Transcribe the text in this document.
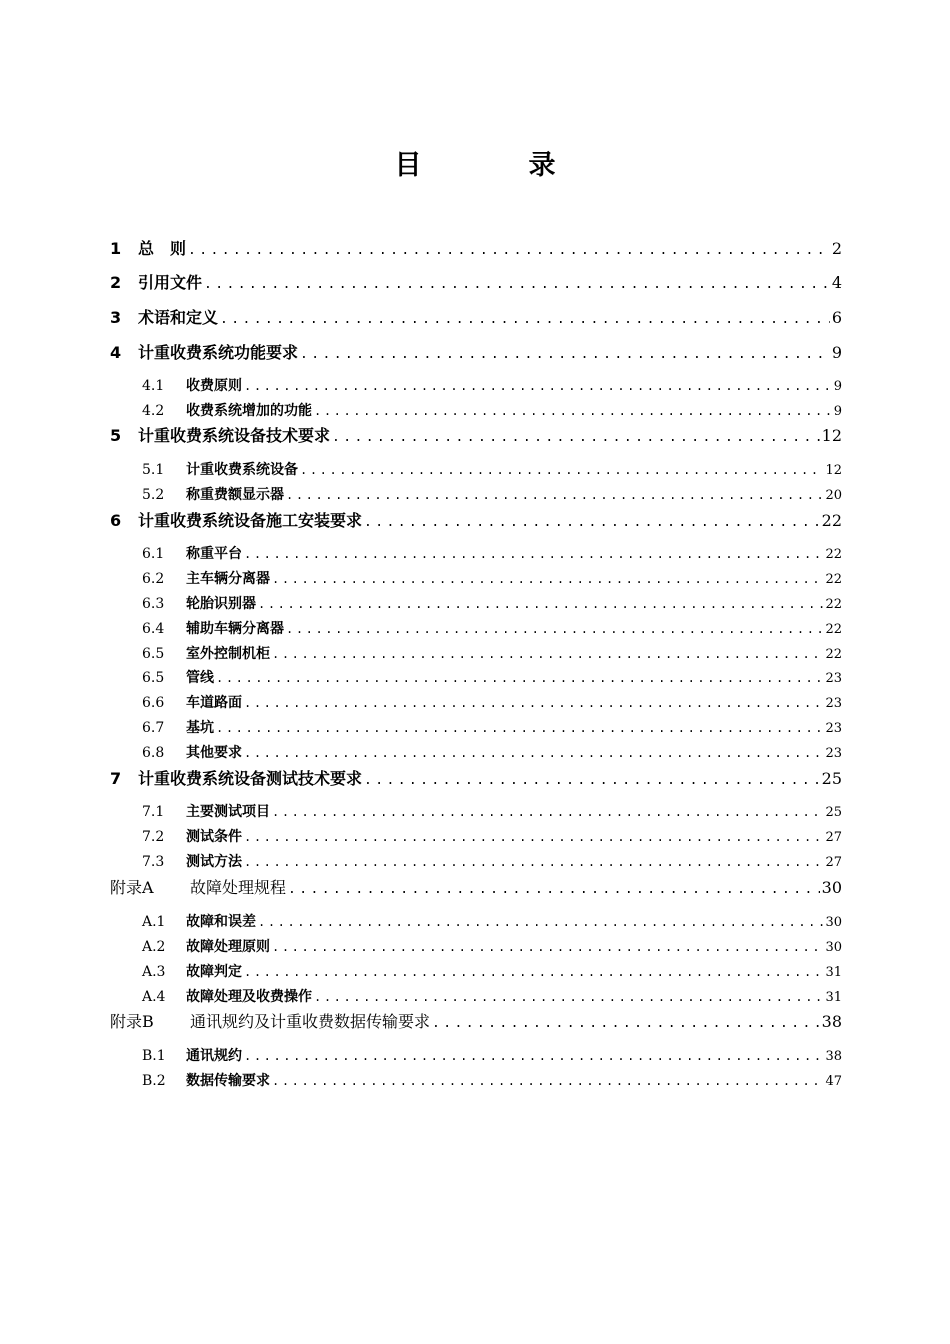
目　录
1	总　则 .....	2
2	引用文件 .....	4
3	术语和定义 .....	6
4	计重收费系统功能要求 .....	9
4.1	收费原则 .....	9
4.2	收费系统增加的功能 .....	9
5	计重收费系统设备技术要求 .....	12
5.1	计重收费系统设备 .....	12
5.2	称重费额显示器 .....	20
6	计重收费系统设备施工安装要求 .....	22
6.1	称重平台 .....	22
6.2	主车辆分离器 .....	22
6.3	轮胎识别器 .....	22
6.4	辅助车辆分离器 .....	22
6.5	室外控制机柜 .....	22
6.5	管线 .....	23
6.6	车道路面 .....	23
6.7	基坑 .....	23
6.8	其他要求 .....	23
7	计重收费系统设备测试技术要求 .....	25
7.1	主要测试项目 .....	25
7.2	测试条件 .....	27
7.3	测试方法 .....	27
附录A	故障处理规程 .....	30
A.1	故障和误差 .....	30
A.2	故障处理原则 .....	30
A.3	故障判定 .....	31
A.4	故障处理及收费操作 .....	31
附录B	通讯规约及计重收费数据传输要求 .....	38
B.1	通讯规约 .....	38
B.2	数据传输要求 .....	47
